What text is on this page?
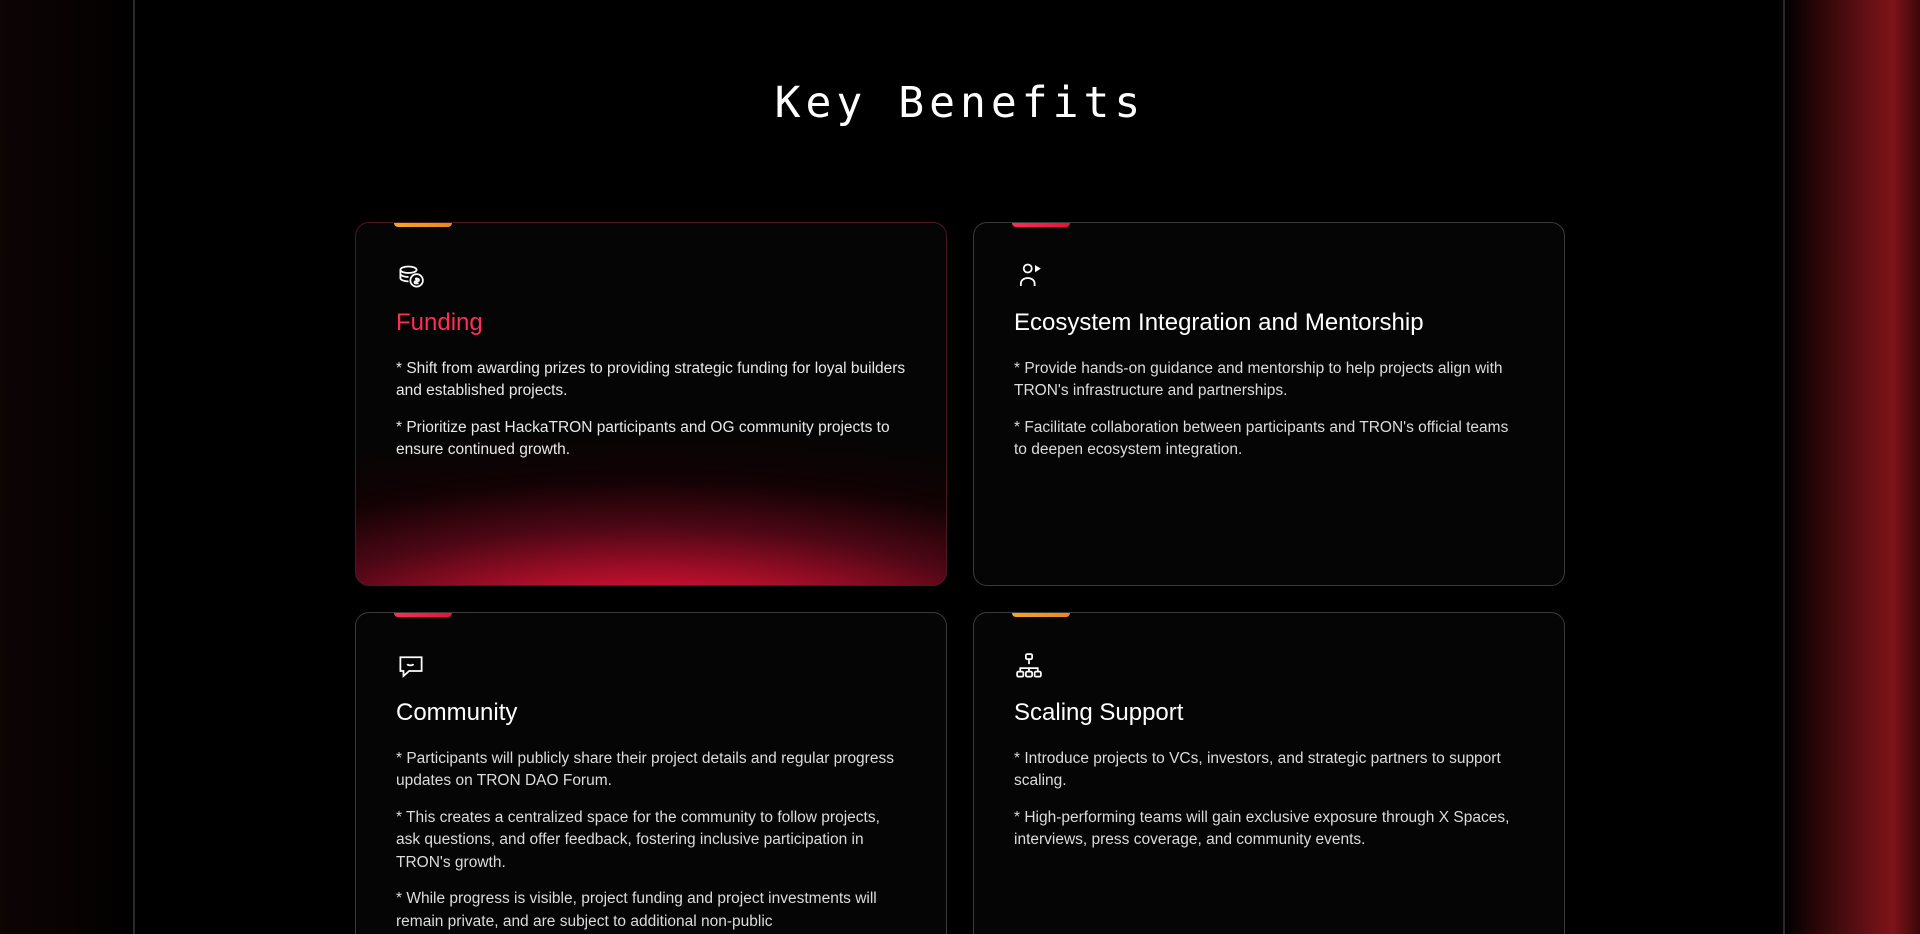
Key Benefits
Funding

* Shift from awarding prizes to providing strategic funding for loyal builders and established projects.

* Prioritize past HackaTRON participants and OG community projects to ensure continued growth.

Ecosystem Integration and Mentorship

* Provide hands-on guidance and mentorship to help projects align with TRON's infrastructure and partnerships.

* Facilitate collaboration between participants and TRON's official teams to deepen ecosystem integration.

Community

* Participants will publicly share their project details and regular progress updates on TRON DAO Forum.

* This creates a centralized space for the community to follow projects, ask questions, and offer feedback, fostering inclusive participation in TRON's growth.

* While progress is visible, project funding and project investments will remain private, and are subject to additional non-public

Scaling Support

* Introduce projects to VCs, investors, and strategic partners to support scaling.

* High-performing teams will gain exclusive exposure through X Spaces, interviews, press coverage, and community events.
